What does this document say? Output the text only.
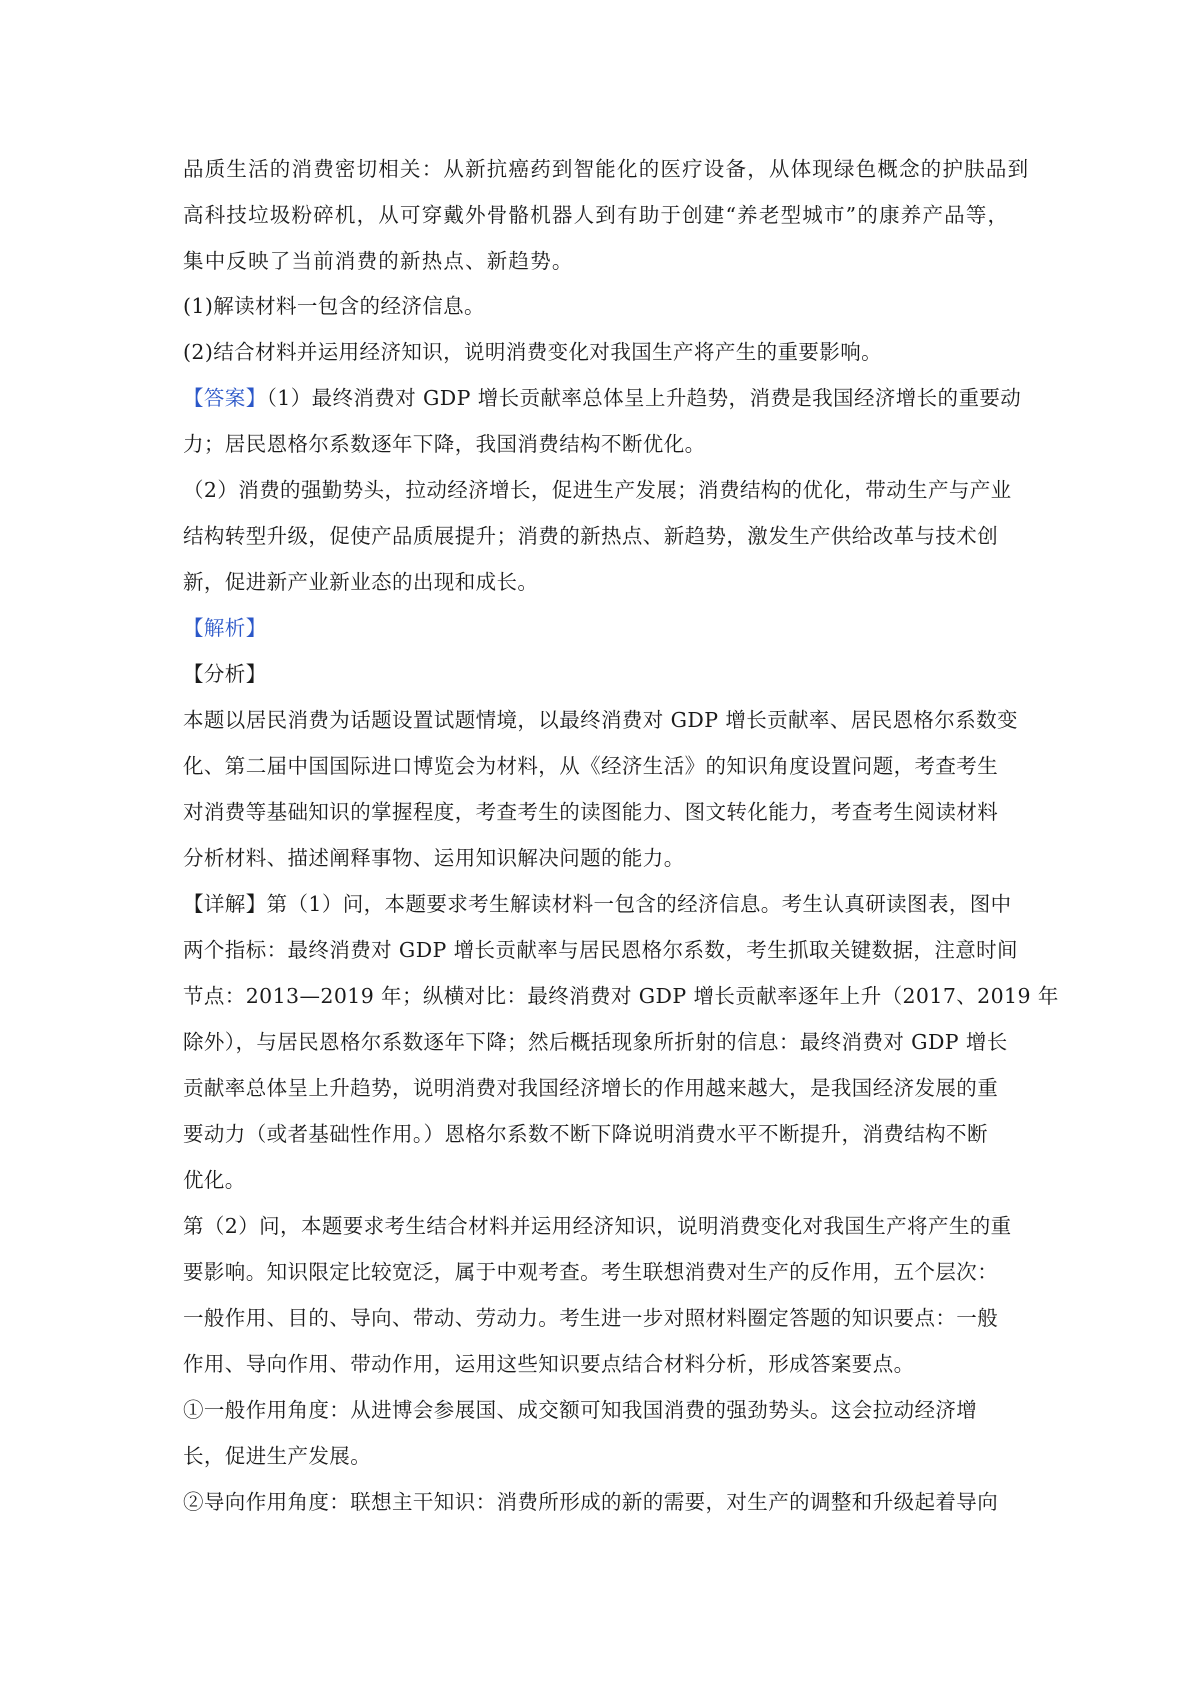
品质生活的消费密切相关：从新抗癌药到智能化的医疗设备，从体现绿色概念的护肤品到
高科技垃圾粉碎机，从可穿戴外骨骼机器人到有助于创建“养老型城市”的康养产品等，
集中反映了当前消费的新热点、新趋势。
(1)解读材料一包含的经济信息。
(2)结合材料并运用经济知识，说明消费变化对我国生产将产生的重要影响。
【答案】（1）最终消费对 GDP 增长贡献率总体呈上升趋势，消费是我国经济增长的重要动
力；居民恩格尔系数逐年下降，我国消费结构不断优化。
（2）消费的强勤势头，拉动经济增长，促进生产发展；消费结构的优化，带动生产与产业
结构转型升级，促使产品质展提升；消费的新热点、新趋势，激发生产供给改革与技术创
新，促进新产业新业态的出现和成长。
【解析】
【分析】
本题以居民消费为话题设置试题情境，以最终消费对 GDP 增长贡献率、居民恩格尔系数变
化、第二届中国国际进口博览会为材料，从《经济生活》的知识角度设置问题，考查考生
对消费等基础知识的掌握程度，考查考生的读图能力、图文转化能力，考查考生阅读材料
分析材料、描述阐释事物、运用知识解决问题的能力。
【详解】第（1）问，本题要求考生解读材料一包含的经济信息。考生认真研读图表，图中
两个指标：最终消费对 GDP 增长贡献率与居民恩格尔系数，考生抓取关键数据，注意时间
节点：2013—2019 年；纵横对比：最终消费对 GDP 增长贡献率逐年上升（2017、2019 年
除外），与居民恩格尔系数逐年下降；然后概括现象所折射的信息：最终消费对 GDP 增长
贡献率总体呈上升趋势，说明消费对我国经济增长的作用越来越大，是我国经济发展的重
要动力（或者基础性作用。）恩格尔系数不断下降说明消费水平不断提升，消费结构不断
优化。
第（2）问，本题要求考生结合材料并运用经济知识，说明消费变化对我国生产将产生的重
要影响。知识限定比较宽泛，属于中观考查。考生联想消费对生产的反作用，五个层次：
一般作用、目的、导向、带动、劳动力。考生进一步对照材料圈定答题的知识要点：一般
作用、导向作用、带动作用，运用这些知识要点结合材料分析，形成答案要点。
①一般作用角度：从进博会参展国、成交额可知我国消费的强劲势头。这会拉动经济增
长，促进生产发展。
②导向作用角度：联想主干知识：消费所形成的新的需要，对生产的调整和升级起着导向
